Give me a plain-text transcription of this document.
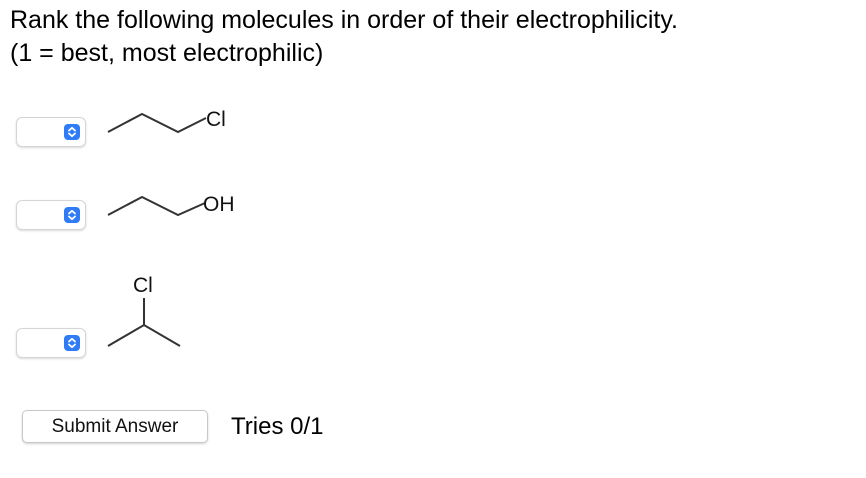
Rank the following molecules in order of their electrophilicity.
(1 = best, most electrophilic)
Cl
OH
Cl
Submit Answer	Tries 0/1
